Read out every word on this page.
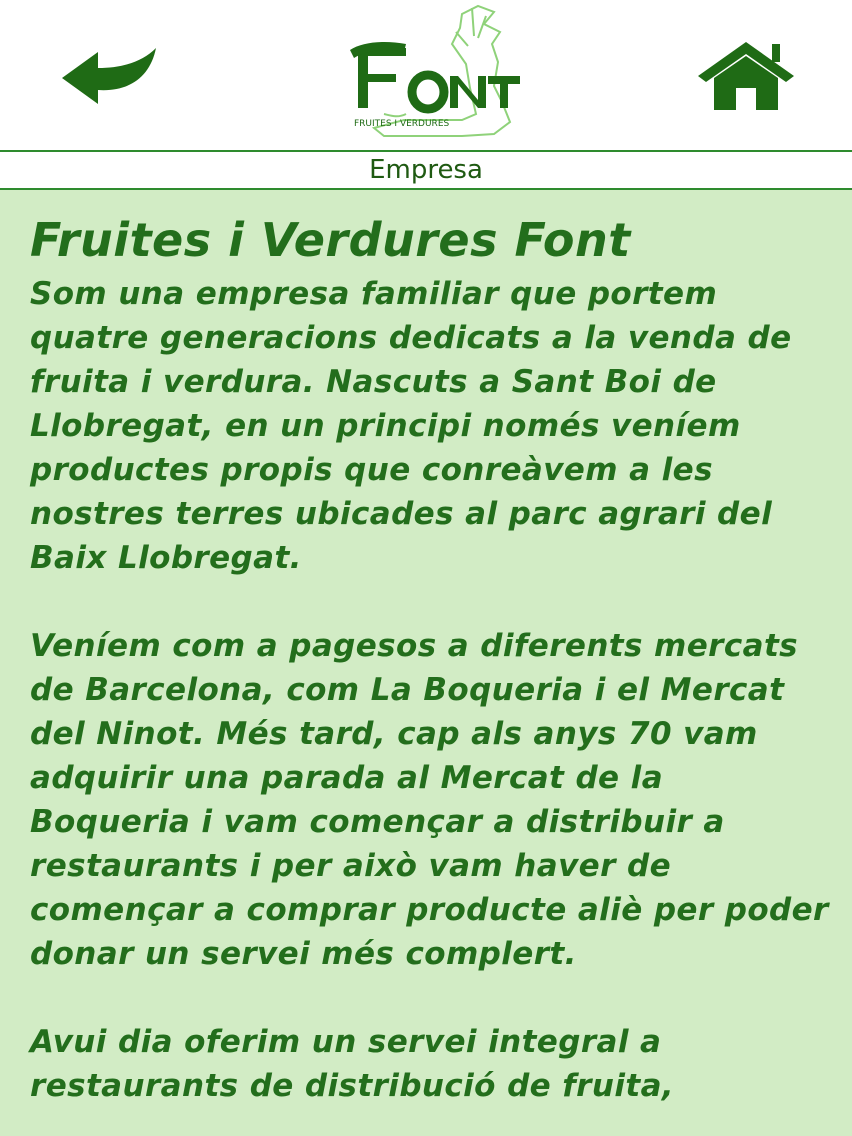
FRUITES I VERDURES
Empresa
Fruites i Verdures Font

Som una empresa familiar que portem quatre generacions dedicats a la venda de fruita i verdura. Nascuts a Sant Boi de Llobregat, en un principi només veníem productes propis que conreàvem a les nostres terres ubicades al parc agrari del Baix Llobregat.

Veníem com a pagesos a diferents mercats de Barcelona, com La Boqueria i el Mercat del Ninot. Més tard, cap als anys 70 vam adquirir una parada al Mercat de la Boqueria i vam començar a distribuir a restaurants i per això vam haver de començar a comprar producte aliè per poder donar un servei més complert.

Avui dia oferim un servei integral a restaurants de distribució de fruita,
